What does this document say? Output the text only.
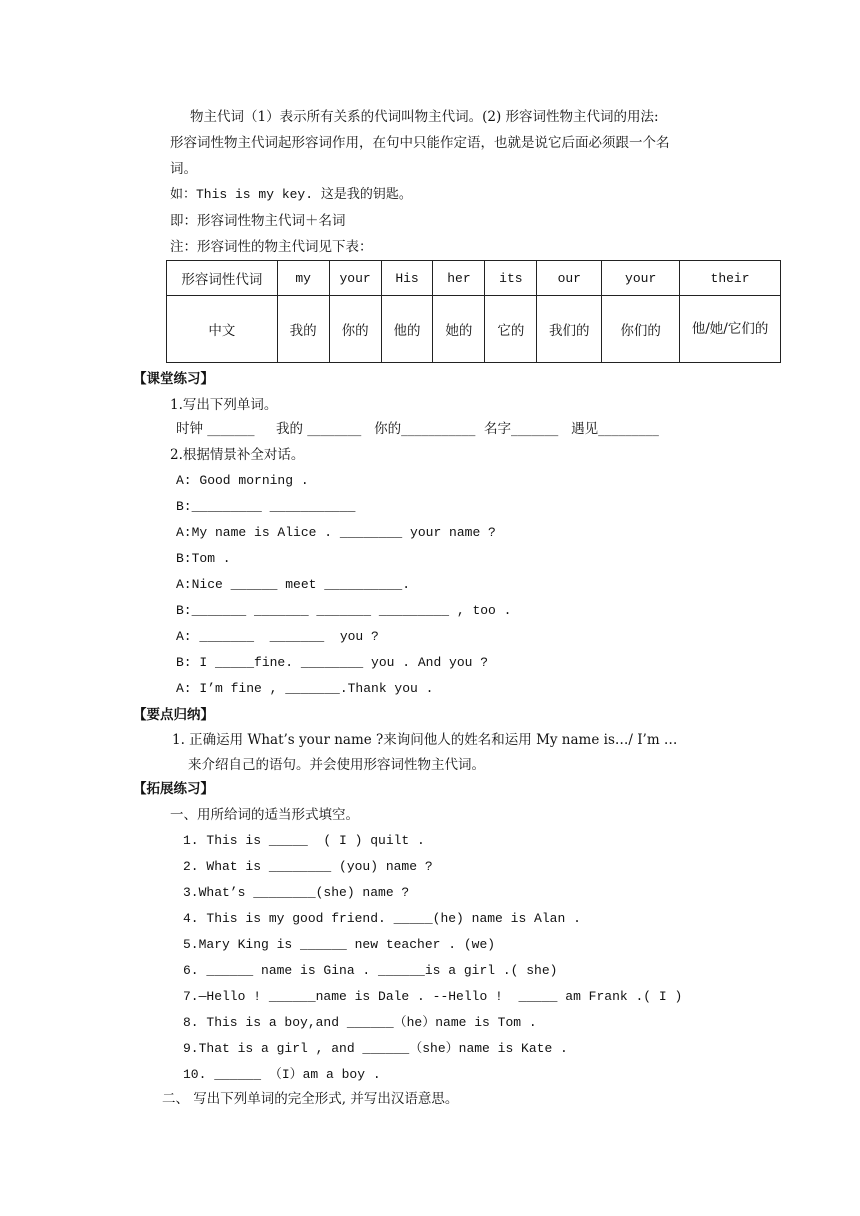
物主代词（1）表示所有关系的代词叫物主代词。(2) 形容词性物主代词的用法:
形容词性物主代词起形容词作用，在句中只能作定语，也就是说它后面必须跟一个名
词。
如：This is my key. 这是我的钥匙。
即：形容词性物主代词＋名词
注：形容词性的物主代词见下表：
形容词性代词	my	your	His	her	its	our	your	their
中文	我的	你的	他的	她的	它的	我们的	你们的	他/她/它们的
【课堂练习】
1.写出下列单词。
时钟 _______     我的 ________   你的___________  名字_______   遇见_________
2.根据情景补全对话。
A: Good morning .
B:_________ ___________
A:My name is Alice . ________ your name ?
B:Tom .
A:Nice ______ meet __________.
B:_______ _______ _______ _________ , too .
A: _______  _______  you ?
B: I _____fine. ________ you . And you ?
A: I’m fine , _______.Thank you .
【要点归纳】
1. 正确运用 What’s your name ?来询问他人的姓名和运用 My name is…/ I’m …
来介绍自己的语句。并会使用形容词性物主代词。
【拓展练习】
一、用所给词的适当形式填空。
1. This is _____  ( I ) quilt .
2. What is ________ (you) name ?
3.What’s ________(she) name ?
4. This is my good friend. _____(he) name is Alan .
5.Mary King is ______ new teacher . (we)
6. ______ name is Gina . ______is a girl .( she)
7.—Hello ! ______name is Dale . --Hello !  _____ am Frank .( I )
8. This is a boy,and ______（he）name is Tom .
9.That is a girl , and ______（she）name is Kate .
10. ______ （I）am a boy .
二、 写出下列单词的完全形式, 并写出汉语意思。
